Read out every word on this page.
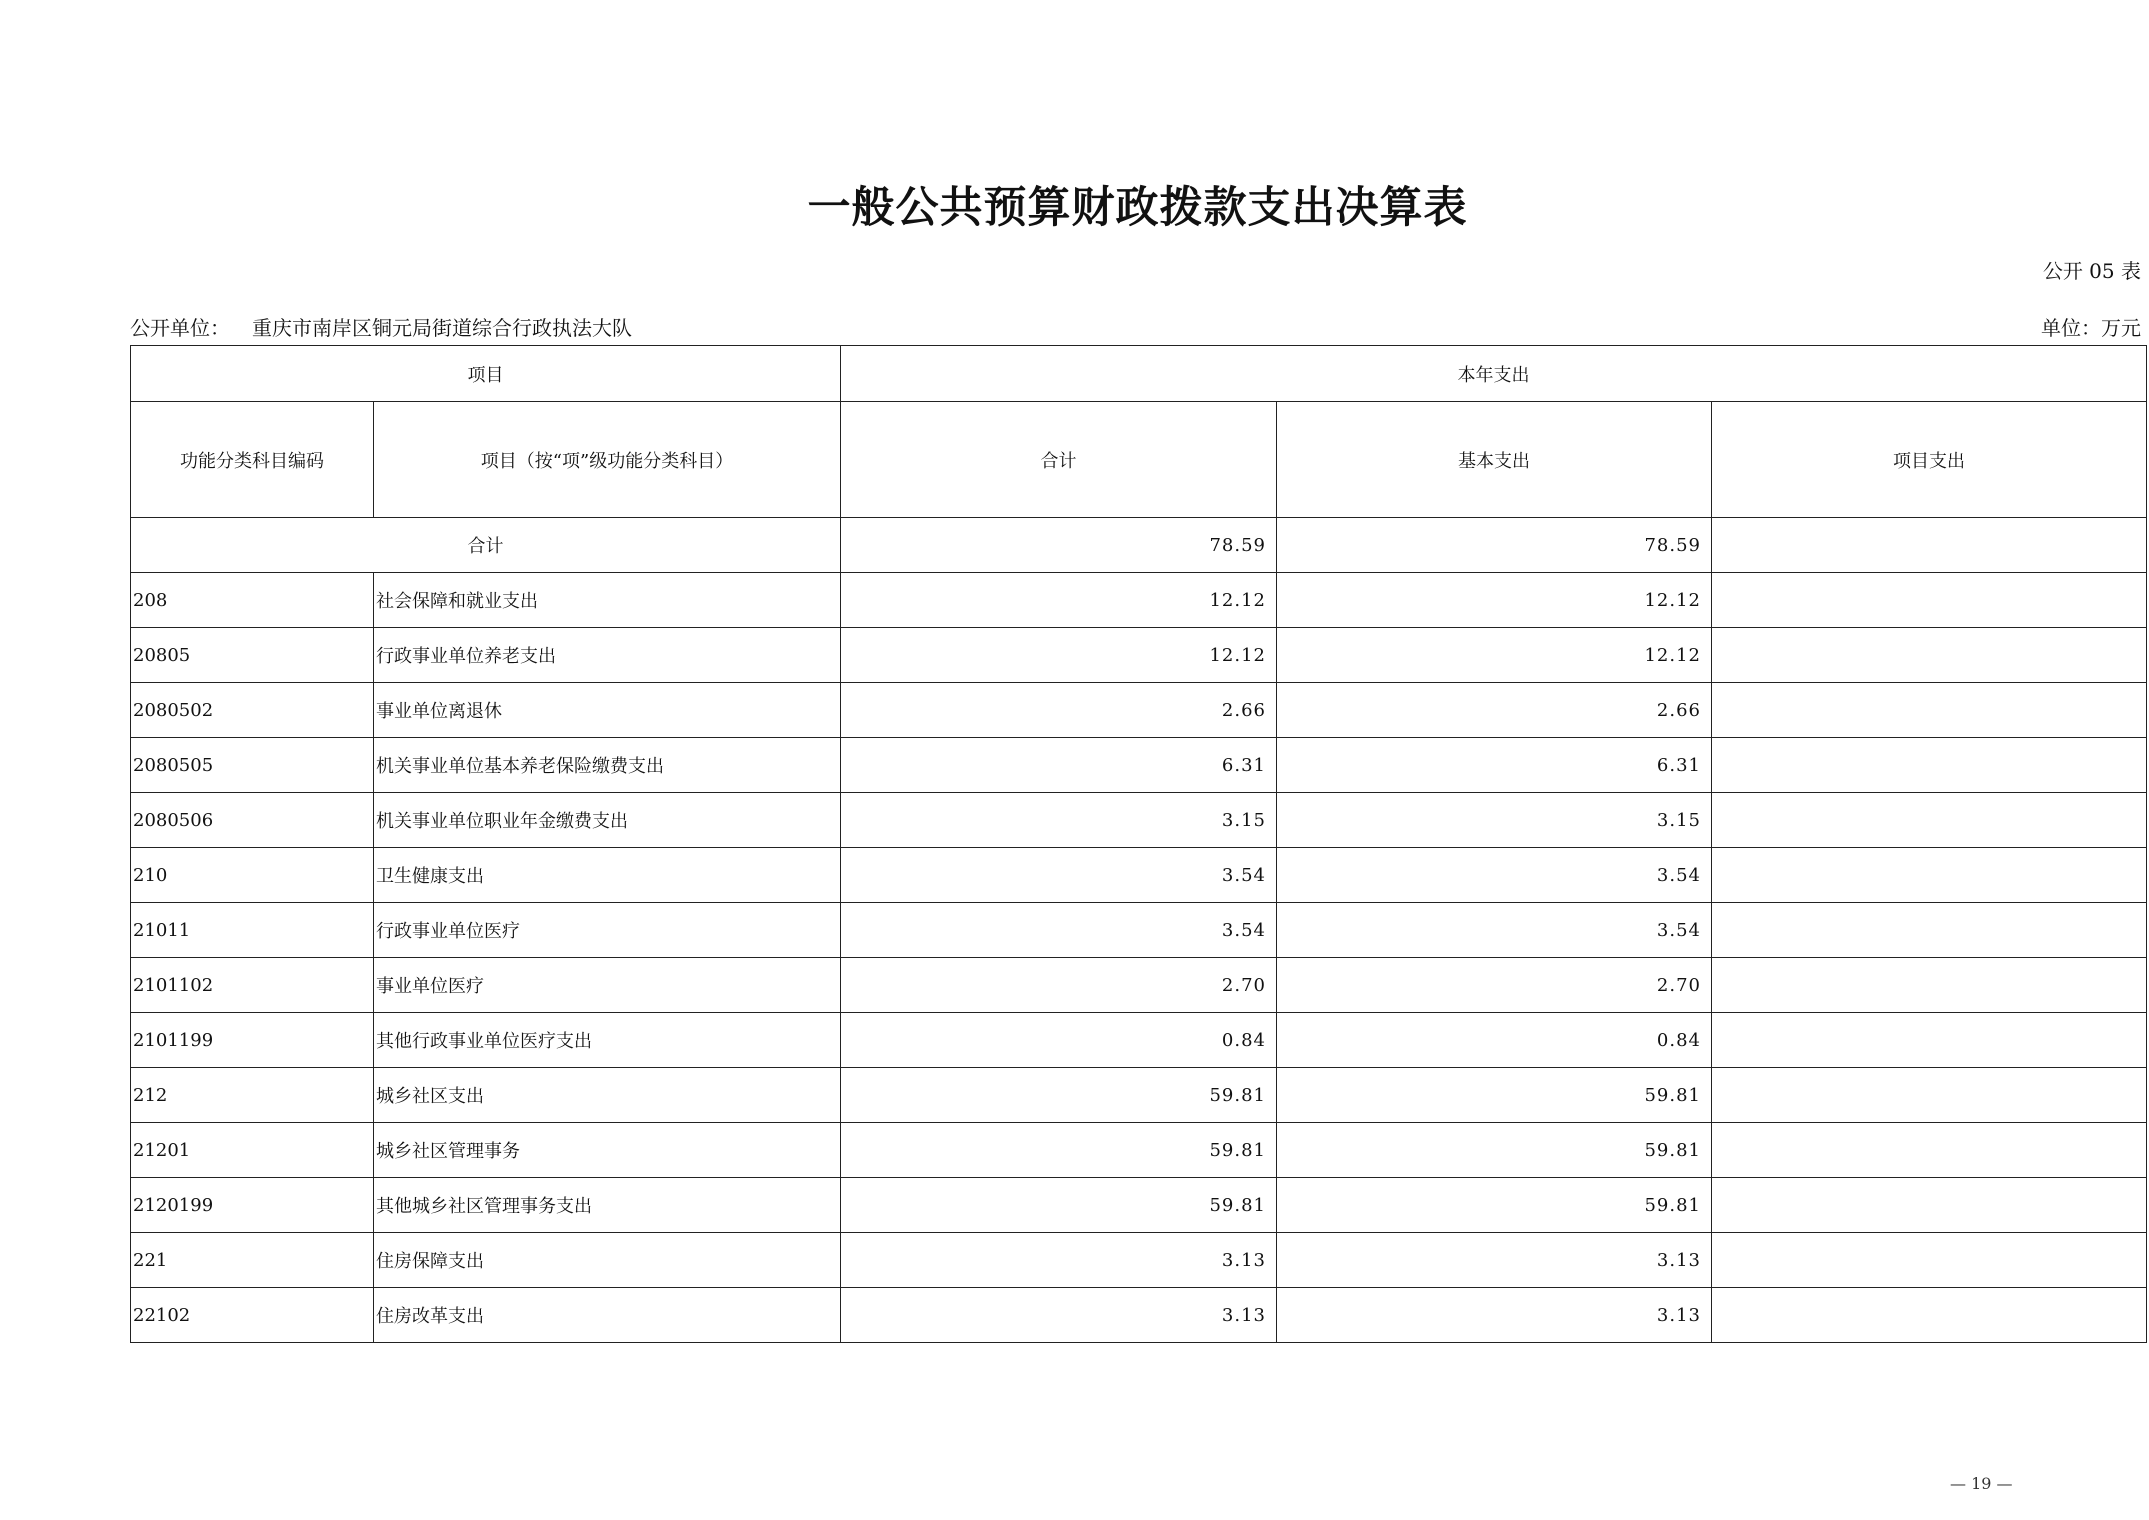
一般公共预算财政拨款支出决算表
公开 05 表
公开单位： 重庆市南岸区铜元局街道综合行政执法大队	单位：万元
项目		本年支出		
功能分类科目编码	项目（按“项”级功能分类科目）	合计	基本支出	项目支出
合计		78.59	78.59	
208	社会保障和就业支出	12.12	12.12	
20805	行政事业单位养老支出	12.12	12.12	
2080502	事业单位离退休	2.66	2.66	
2080505	机关事业单位基本养老保险缴费支出	6.31	6.31	
2080506	机关事业单位职业年金缴费支出	3.15	3.15	
210	卫生健康支出	3.54	3.54	
21011	行政事业单位医疗	3.54	3.54	
2101102	事业单位医疗	2.70	2.70	
2101199	其他行政事业单位医疗支出	0.84	0.84	
212	城乡社区支出	59.81	59.81	
21201	城乡社区管理事务	59.81	59.81	
2120199	其他城乡社区管理事务支出	59.81	59.81	
221	住房保障支出	3.13	3.13	
22102	住房改革支出	3.13	3.13	
— 19 —
